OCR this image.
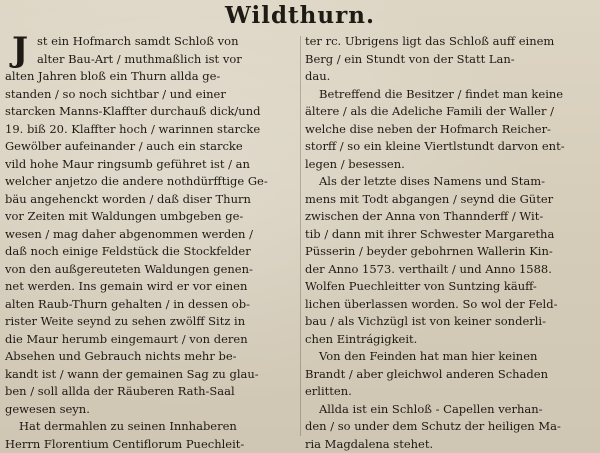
Wildthurn.
J st ein Hofmarch samdt Schloß von
alter Bau-Art / muthmaßlich ist vor
alten Jahren bloß ein Thurn allda ge-
standen / so noch sichtbar / und einer
starcken Manns-Klaffter durchauß dick/und
19. biß 20. Klaffter hoch / warinnen starcke
Gewölber aufeinander / auch ein starcke
vild hohe Maur ringsumb geführet ist / an
welcher anjetzo die andere nothdürfftige Ge-
bäu angehenckt worden / daß diser Thurn
vor Zeiten mit Waldungen umbgeben ge-
wesen / mag daher abgenommen werden /
daß noch einige Feldstück die Stockfelder
von den außgereuteten Waldungen genen-
net werden. Ins gemain wird er vor einen
alten Raub-Thurn gehalten / in dessen ob-
rister Weite seynd zu sehen zwölff Sitz in
die Maur herumb eingemaurt / von deren
Absehen und Gebrauch nichts mehr be-
kandt ist / wann der gemainen Sag zu glau-
ben / soll allda der Räuberen Rath-Saal
gewesen seyn.
Hat dermahlen zu seinen Innhaberen
Herrn Florentium Centiflorum Puechleit-
ter rc. Ubrigens ligt das Schloß auff einem
Berg / ein Stundt von der Statt Lan-
dau.
Betreffend die Besitzer / findet man keine
ältere / als die Adeliche Famili der Waller /
welche dise neben der Hofmarch Reicher-
storff / so ein kleine Viertlstundt darvon ent-
legen / besessen.
Als der letzte dises Namens und Stam-
mens mit Todt abgangen / seynd die Güter
zwischen der Anna von Thannderff / Wit-
tib / dann mit ihrer Schwester Margaretha
Püsserin / beyder gebohrnen Wallerin Kin-
der Anno 1573. verthailt / und Anno 1588.
Wolfen Puechleitter von Suntzing käuff-
lichen überlassen worden. So wol der Feld-
bau / als Vichzügl ist von keiner sonderli-
chen Eintrágigkeit.
Von den Feinden hat man hier keinen
Brandt / aber gleichwol anderen Schaden
erlitten.
Allda ist ein Schloß - Capellen verhan-
den / so under dem Schutz der heiligen Ma-
ria Magdalena stehet.
